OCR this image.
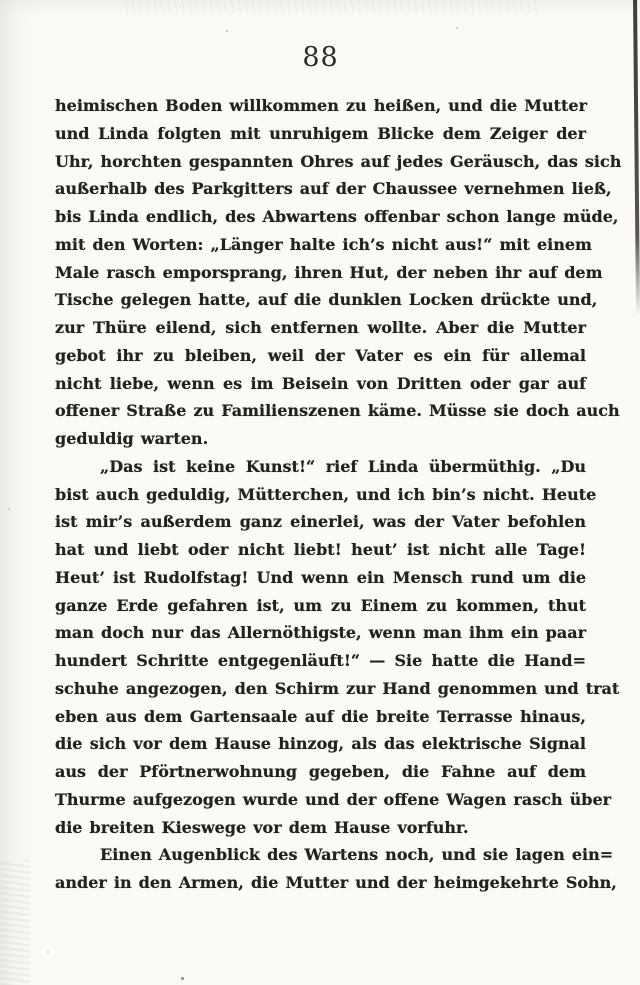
88
heimischen Boden willkommen zu heißen, und die Mutter
und Linda folgten mit unruhigem Blicke dem Zeiger der
Uhr, horchten gespannten Ohres auf jedes Geräusch, das sich
außerhalb des Parkgitters auf der Chaussee vernehmen ließ,
bis Linda endlich, des Abwartens offenbar schon lange müde,
mit den Worten: „Länger halte ich’s nicht aus!“ mit einem
Male rasch emporsprang, ihren Hut, der neben ihr auf dem
Tische gelegen hatte, auf die dunklen Locken drückte und,
zur Thüre eilend, sich entfernen wollte. Aber die Mutter
gebot ihr zu bleiben, weil der Vater es ein für allemal
nicht liebe, wenn es im Beisein von Dritten oder gar auf
offener Straße zu Familienszenen käme. Müsse sie doch auch
geduldig warten.
„Das ist keine Kunst!“ rief Linda übermüthig. „Du
bist auch geduldig, Mütterchen, und ich bin’s nicht. Heute
ist mir’s außerdem ganz einerlei, was der Vater befohlen
hat und liebt oder nicht liebt! heut’ ist nicht alle Tage!
Heut’ ist Rudolfstag! Und wenn ein Mensch rund um die
ganze Erde gefahren ist, um zu Einem zu kommen, thut
man doch nur das Allernöthigste, wenn man ihm ein paar
hundert Schritte entgegenläuft!“ — Sie hatte die Hand=
schuhe angezogen, den Schirm zur Hand genommen und trat
eben aus dem Gartensaale auf die breite Terrasse hinaus,
die sich vor dem Hause hinzog, als das elektrische Signal
aus der Pförtnerwohnung gegeben, die Fahne auf dem
Thurme aufgezogen wurde und der offene Wagen rasch über
die breiten Kieswege vor dem Hause vorfuhr.
Einen Augenblick des Wartens noch, und sie lagen ein=
ander in den Armen, die Mutter und der heimgekehrte Sohn,
